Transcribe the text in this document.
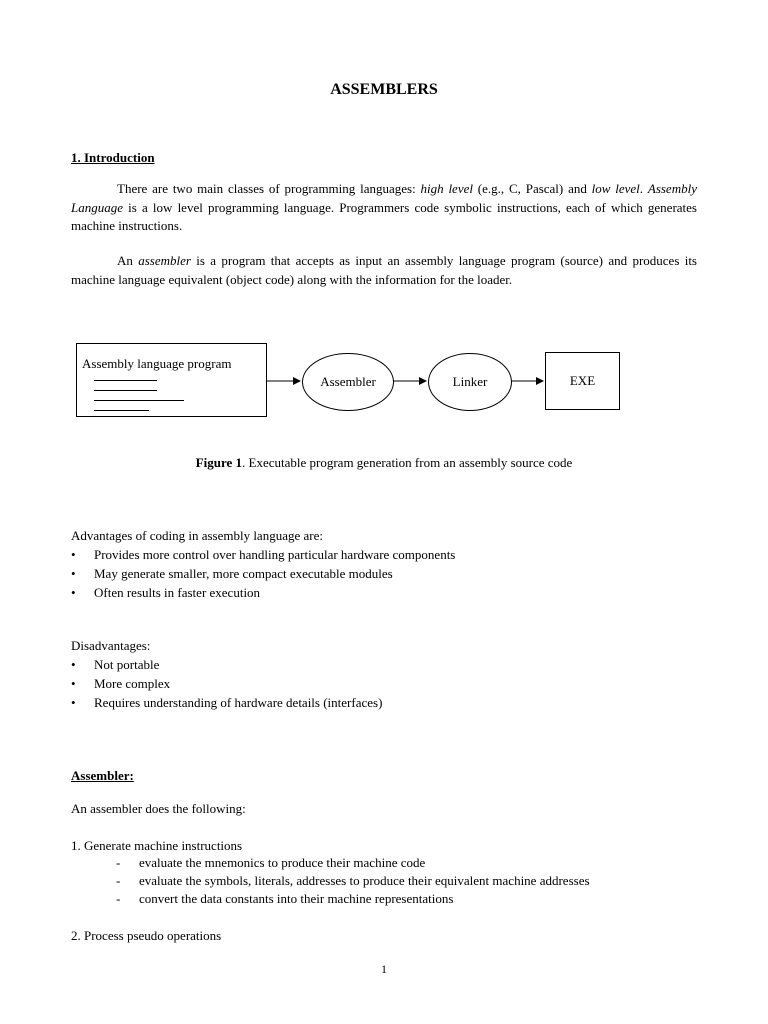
ASSEMBLERS
1. Introduction
There are two main classes of programming languages: high level (e.g., C, Pascal) and low level. Assembly Language is a low level programming language. Programmers code symbolic instructions, each of which generates machine instructions.
An assembler is a program that accepts as input an assembly language program (source) and produces its machine language equivalent (object code) along with the information for the loader.
Assembly language program
Assembler	Linker	EXE
Figure 1. Executable program generation from an assembly source code
Advantages of coding in assembly language are:
• Provides more control over handling particular hardware components
• May generate smaller, more compact executable modules
• Often results in faster execution
Disadvantages:
• Not portable
• More complex
• Requires understanding of hardware details (interfaces)
Assembler:
An assembler does the following:
1. Generate machine instructions
- evaluate the mnemonics to produce their machine code
- evaluate the symbols, literals, addresses to produce their equivalent machine addresses
- convert the data constants into their machine representations
2. Process pseudo operations
1
